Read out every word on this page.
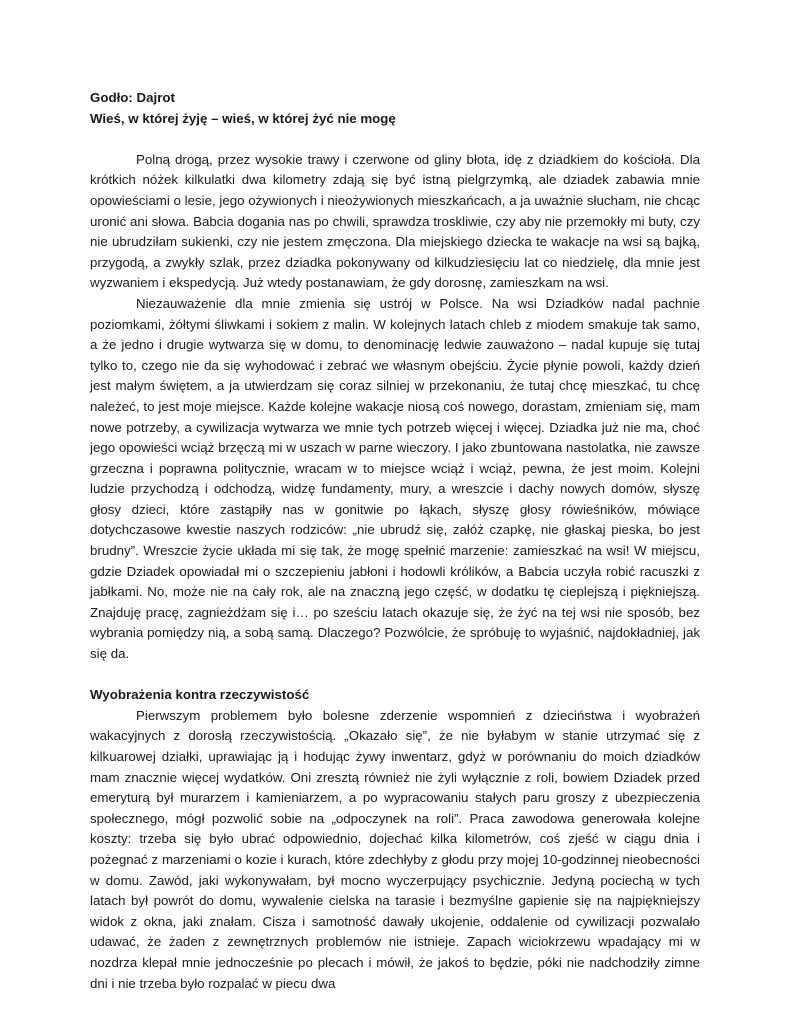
Godło: Dajrot

Wieś, w której żyję – wieś, w której żyć nie mogę

Polną drogą, przez wysokie trawy i czerwone od gliny błota, idę z dziadkiem do kościoła. Dla krótkich nóżek kilkulatki dwa kilometry zdają się być istną pielgrzymką, ale dziadek zabawia mnie opowieściami o lesie, jego ożywionych i nieożywionych mieszkańcach, a ja uważnie słucham, nie chcąc uronić ani słowa. Babcia dogania nas po chwili, sprawdza troskliwie, czy aby nie przemokły mi buty, czy nie ubrudziłam sukienki, czy nie jestem zmęczona. Dla miejskiego dziecka te wakacje na wsi są bajką, przygodą, a zwykły szlak, przez dziadka pokonywany od kilkudziesięciu lat co niedzielę, dla mnie jest wyzwaniem i ekspedycją. Już wtedy postanawiam, że gdy dorosnę, zamieszkam na wsi.

Niezauważenie dla mnie zmienia się ustrój w Polsce. Na wsi Dziadków nadal pachnie poziomkami, żółtymi śliwkami i sokiem z malin. W kolejnych latach chleb z miodem smakuje tak samo, a że jedno i drugie wytwarza się w domu, to denominację ledwie zauważono – nadal kupuje się tutaj tylko to, czego nie da się wyhodować i zebrać we własnym obejściu. Życie płynie powoli, każdy dzień jest małym świętem, a ja utwierdzam się coraz silniej w przekonaniu, że tutaj chcę mieszkać, tu chcę należeć, to jest moje miejsce. Każde kolejne wakacje niosą coś nowego, dorastam, zmieniam się, mam nowe potrzeby, a cywilizacja wytwarza we mnie tych potrzeb więcej i więcej. Dziadka już nie ma, choć jego opowieści wciąż brzęczą mi w uszach w parne wieczory. I jako zbuntowana nastolatka, nie zawsze grzeczna i poprawna politycznie, wracam w to miejsce wciąż i wciąż, pewna, że jest moim. Kolejni ludzie przychodzą i odchodzą, widzę fundamenty, mury, a wreszcie i dachy nowych domów, słyszę głosy dzieci, które zastąpiły nas w gonitwie po łąkach, słyszę głosy rówieśników, mówiące dotychczasowe kwestie naszych rodziców: „nie ubrudź się, załóż czapkę, nie głaskaj pieska, bo jest brudny”. Wreszcie życie układa mi się tak, że mogę spełnić marzenie: zamieszkać na wsi! W miejscu, gdzie Dziadek opowiadał mi o szczepieniu jabłoni i hodowli królików, a Babcia uczyła robić racuszki z jabłkami. No, może nie na cały rok, ale na znaczną jego część, w dodatku tę cieplejszą i piękniejszą. Znajduję pracę, zagnieżdżam się i… po sześciu latach okazuje się, że żyć na tej wsi nie sposób, bez wybrania pomiędzy nią, a sobą samą. Dlaczego? Pozwólcie, że spróbuję to wyjaśnić, najdokładniej, jak się da.

Wyobrażenia kontra rzeczywistość

Pierwszym problemem było bolesne zderzenie wspomnień z dzieciństwa i wyobrażeń wakacyjnych z dorosłą rzeczywistością. „Okazało się”, że nie byłabym w stanie utrzymać się z kilkuarowej działki, uprawiając ją i hodując żywy inwentarz, gdyż w porównaniu do moich dziadków mam znacznie więcej wydatków. Oni zresztą również nie żyli wyłącznie z roli, bowiem Dziadek przed emeryturą był murarzem i kamieniarzem, a po wypracowaniu stałych paru groszy z ubezpieczenia społecznego, mógł pozwolić sobie na „odpoczynek na roli”. Praca zawodowa generowała kolejne koszty: trzeba się było ubrać odpowiednio, dojechać kilka kilometrów, coś zjeść w ciągu dnia i pożegnać z marzeniami o kozie i kurach, które zdechłyby z głodu przy mojej 10-godzinnej nieobecności w domu. Zawód, jaki wykonywałam, był mocno wyczerpujący psychicznie. Jedyną pociechą w tych latach był powrót do domu, wywalenie cielska na tarasie i bezmyślne gapienie się na najpiękniejszy widok z okna, jaki znałam. Cisza i samotność dawały ukojenie, oddalenie od cywilizacji pozwalało udawać, że żaden z zewnętrznych problemów nie istnieje. Zapach wiciokrzewu wpadający mi w nozdrza klepał mnie jednocześnie po plecach i mówił, że jakoś to będzie, póki nie nadchodziły zimne dni i nie trzeba było rozpalać w piecu dwa
